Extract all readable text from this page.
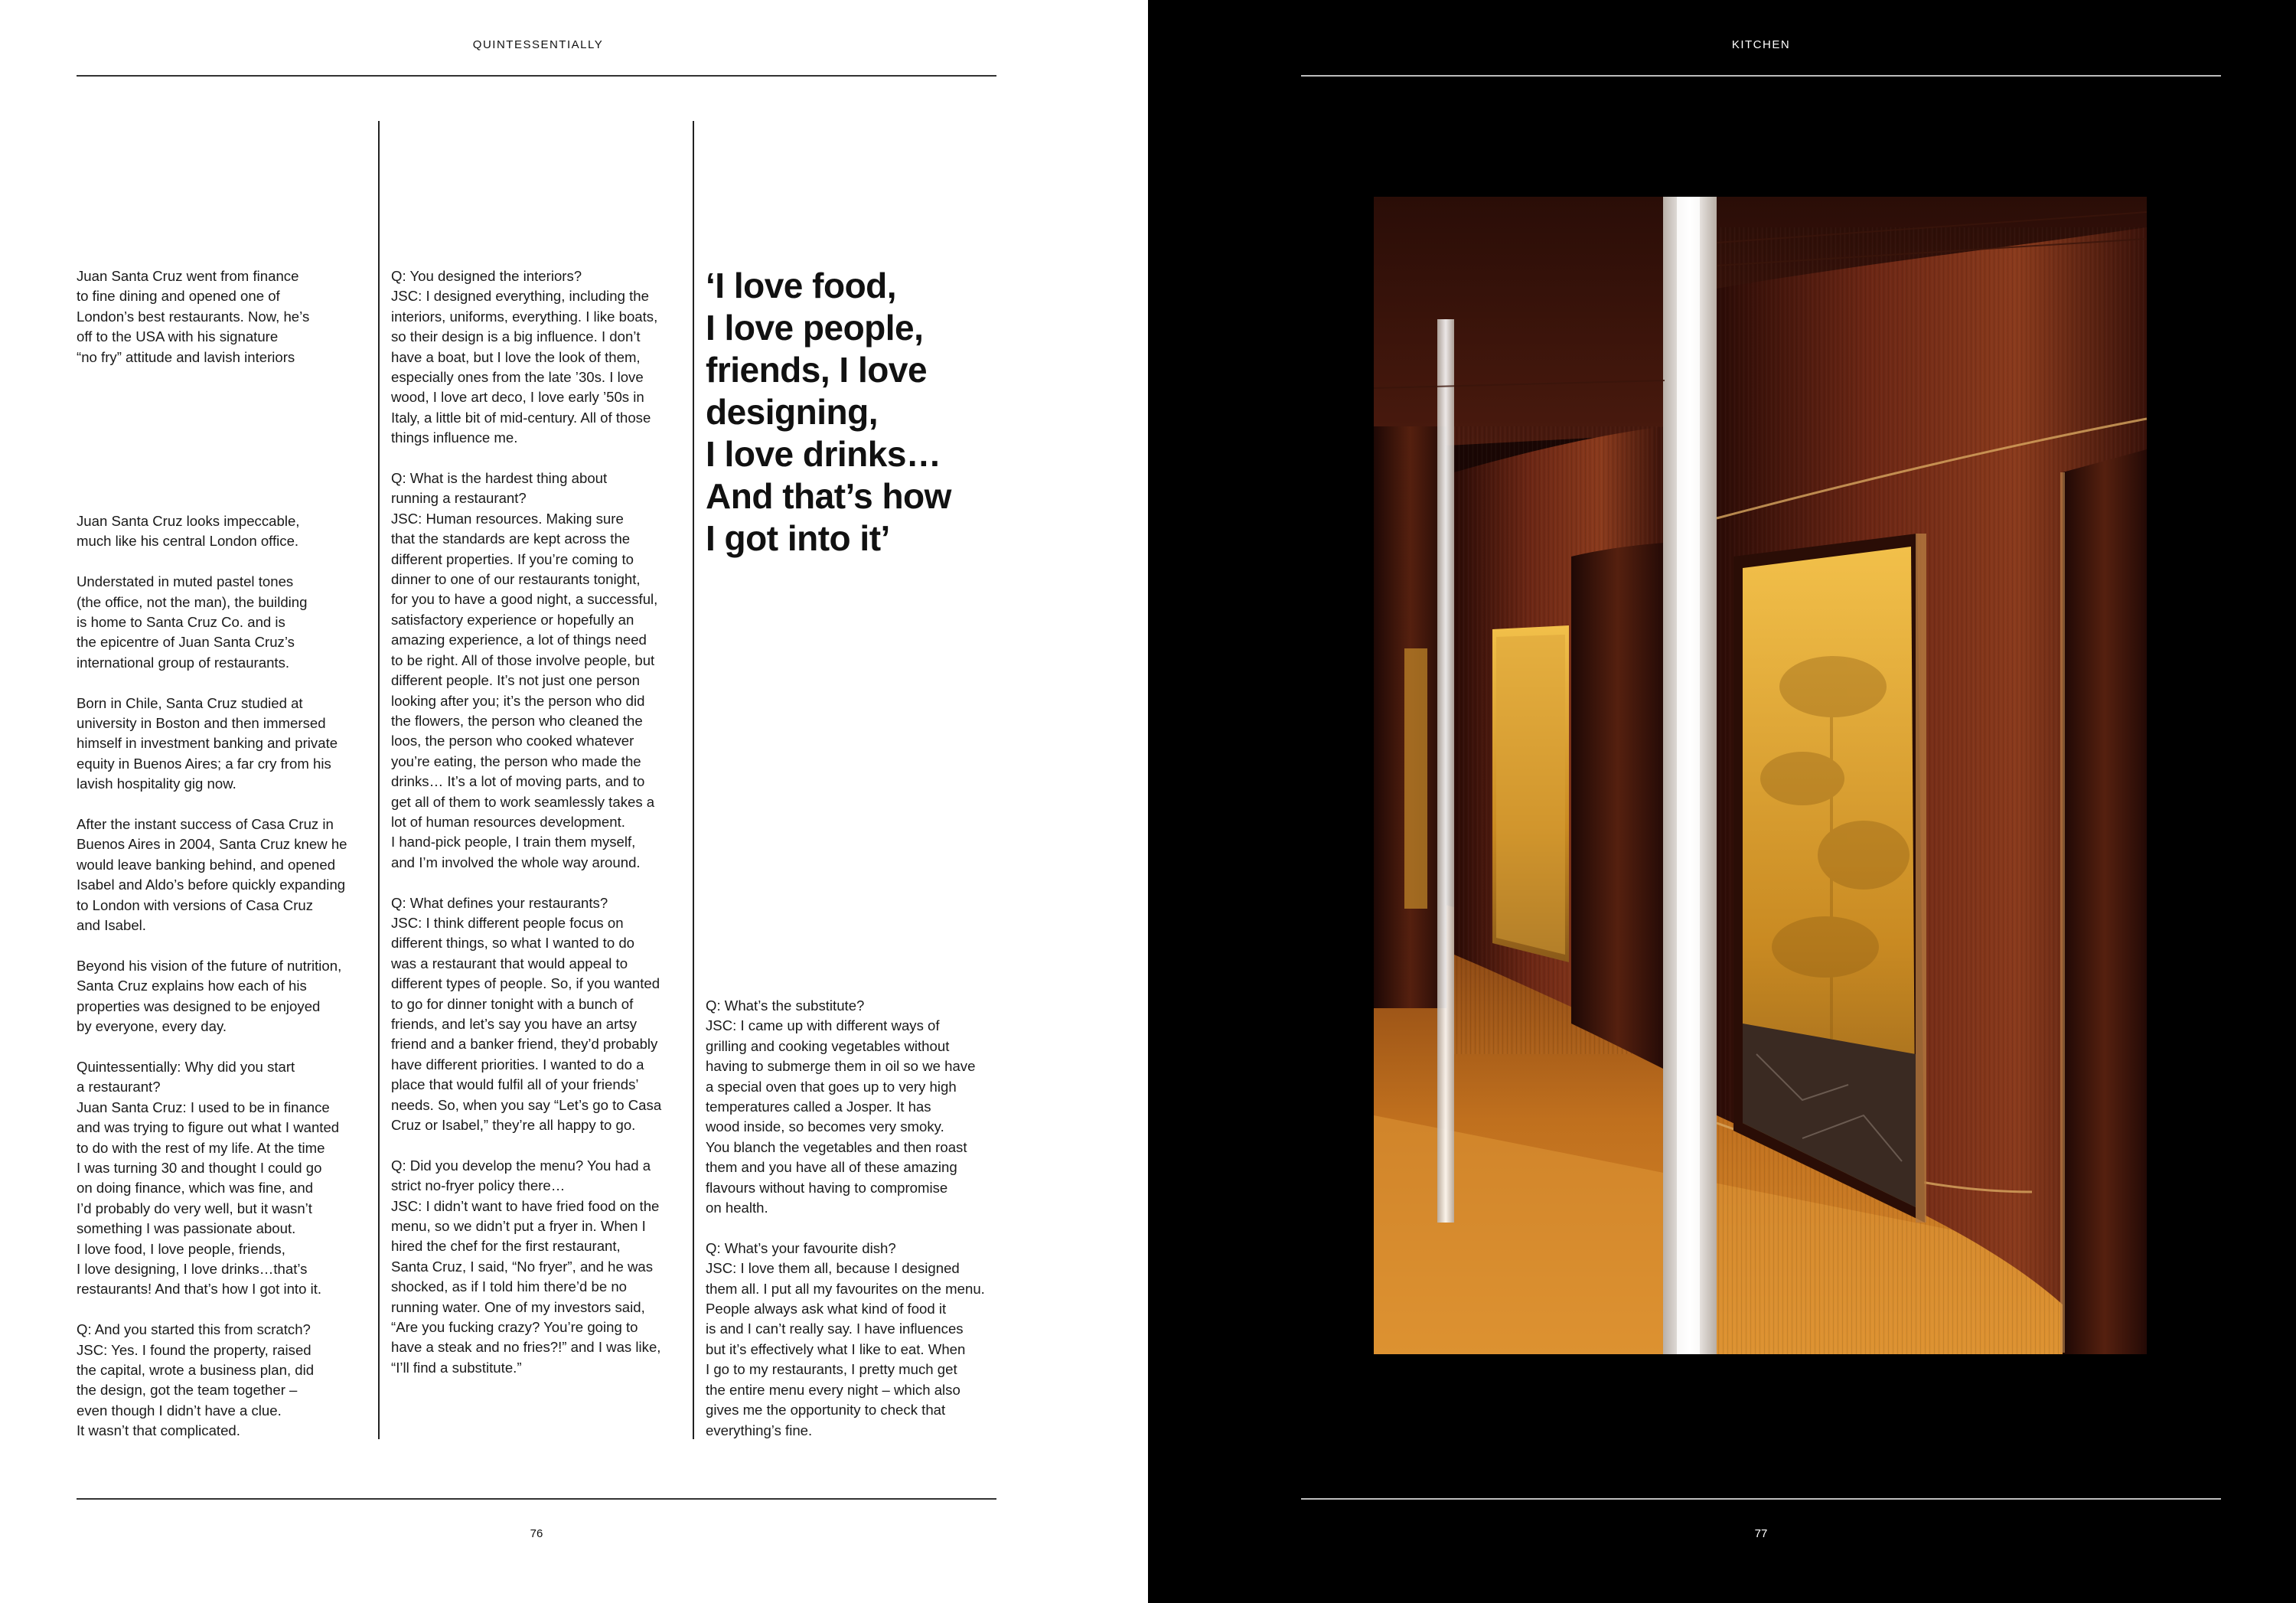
QUINTESSENTIALLY

Juan Santa Cruz went from finance
to fine dining and opened one of
London’s best restaurants. Now, he’s
off to the USA with his signature
“no fry” attitude and lavish interiors

Juan Santa Cruz looks impeccable,
much like his central London office.

Understated in muted pastel tones
(the office, not the man), the building
is home to Santa Cruz Co. and is
the epicentre of Juan Santa Cruz’s
international group of restaurants.

Born in Chile, Santa Cruz studied at
university in Boston and then immersed
himself in investment banking and private
equity in Buenos Aires; a far cry from his
lavish hospitality gig now.

After the instant success of Casa Cruz in
Buenos Aires in 2004, Santa Cruz knew he
would leave banking behind, and opened
Isabel and Aldo’s before quickly expanding
to London with versions of Casa Cruz
and Isabel.

Beyond his vision of the future of nutrition,
Santa Cruz explains how each of his
properties was designed to be enjoyed
by everyone, every day.

Quintessentially: Why did you start
a restaurant?
Juan Santa Cruz: I used to be in finance
and was trying to figure out what I wanted
to do with the rest of my life. At the time
I was turning 30 and thought I could go
on doing finance, which was fine, and
I’d probably do very well, but it wasn’t
something I was passionate about.
I love food, I love people, friends,
I love designing, I love drinks…that’s
restaurants! And that’s how I got into it.

Q: And you started this from scratch?
JSC: Yes. I found the property, raised
the capital, wrote a business plan, did
the design, got the team together –
even though I didn’t have a clue.
It wasn’t that complicated.

Q: You designed the interiors?
JSC: I designed everything, including the
interiors, uniforms, everything. I like boats,
so their design is a big influence. I don’t
have a boat, but I love the look of them,
especially ones from the late ’30s. I love
wood, I love art deco, I love early ’50s in
Italy, a little bit of mid-century. All of those
things influence me.

Q: What is the hardest thing about
running a restaurant?
JSC: Human resources. Making sure
that the standards are kept across the
different properties. If you’re coming to
dinner to one of our restaurants tonight,
for you to have a good night, a successful,
satisfactory experience or hopefully an
amazing experience, a lot of things need
to be right. All of those involve people, but
different people. It’s not just one person
looking after you; it’s the person who did
the flowers, the person who cleaned the
loos, the person who cooked whatever
you’re eating, the person who made the
drinks… It’s a lot of moving parts, and to
get all of them to work seamlessly takes a
lot of human resources development.
I hand-pick people, I train them myself,
and I’m involved the whole way around.

Q: What defines your restaurants?
JSC: I think different people focus on
different things, so what I wanted to do
was a restaurant that would appeal to
different types of people. So, if you wanted
to go for dinner tonight with a bunch of
friends, and let’s say you have an artsy
friend and a banker friend, they’d probably
have different priorities. I wanted to do a
place that would fulfil all of your friends’
needs. So, when you say “Let’s go to Casa
Cruz or Isabel,” they’re all happy to go.

Q: Did you develop the menu? You had a
strict no-fryer policy there…
JSC: I didn’t want to have fried food on the
menu, so we didn’t put a fryer in. When I
hired the chef for the first restaurant,
Santa Cruz, I said, “No fryer”, and he was
shocked, as if I told him there’d be no
running water. One of my investors said,
“Are you fucking crazy? You’re going to
have a steak and no fries?!” and I was like,
“I’ll find a substitute.”

‘I love food,
I love people,
friends, I love
designing,
I love drinks…
And that’s how
I got into it’

Q: What’s the substitute?
JSC: I came up with different ways of
grilling and cooking vegetables without
having to submerge them in oil so we have
a special oven that goes up to very high
temperatures called a Josper. It has
wood inside, so becomes very smoky.
You blanch the vegetables and then roast
them and you have all of these amazing
flavours without having to compromise
on health.

Q: What’s your favourite dish?
JSC: I love them all, because I designed
them all. I put all my favourites on the menu.
People always ask what kind of food it
is and I can’t really say. I have influences
but it’s effectively what I like to eat. When
I go to my restaurants, I pretty much get
the entire menu every night – which also
gives me the opportunity to check that
everything’s fine.

76
KITCHEN
77
